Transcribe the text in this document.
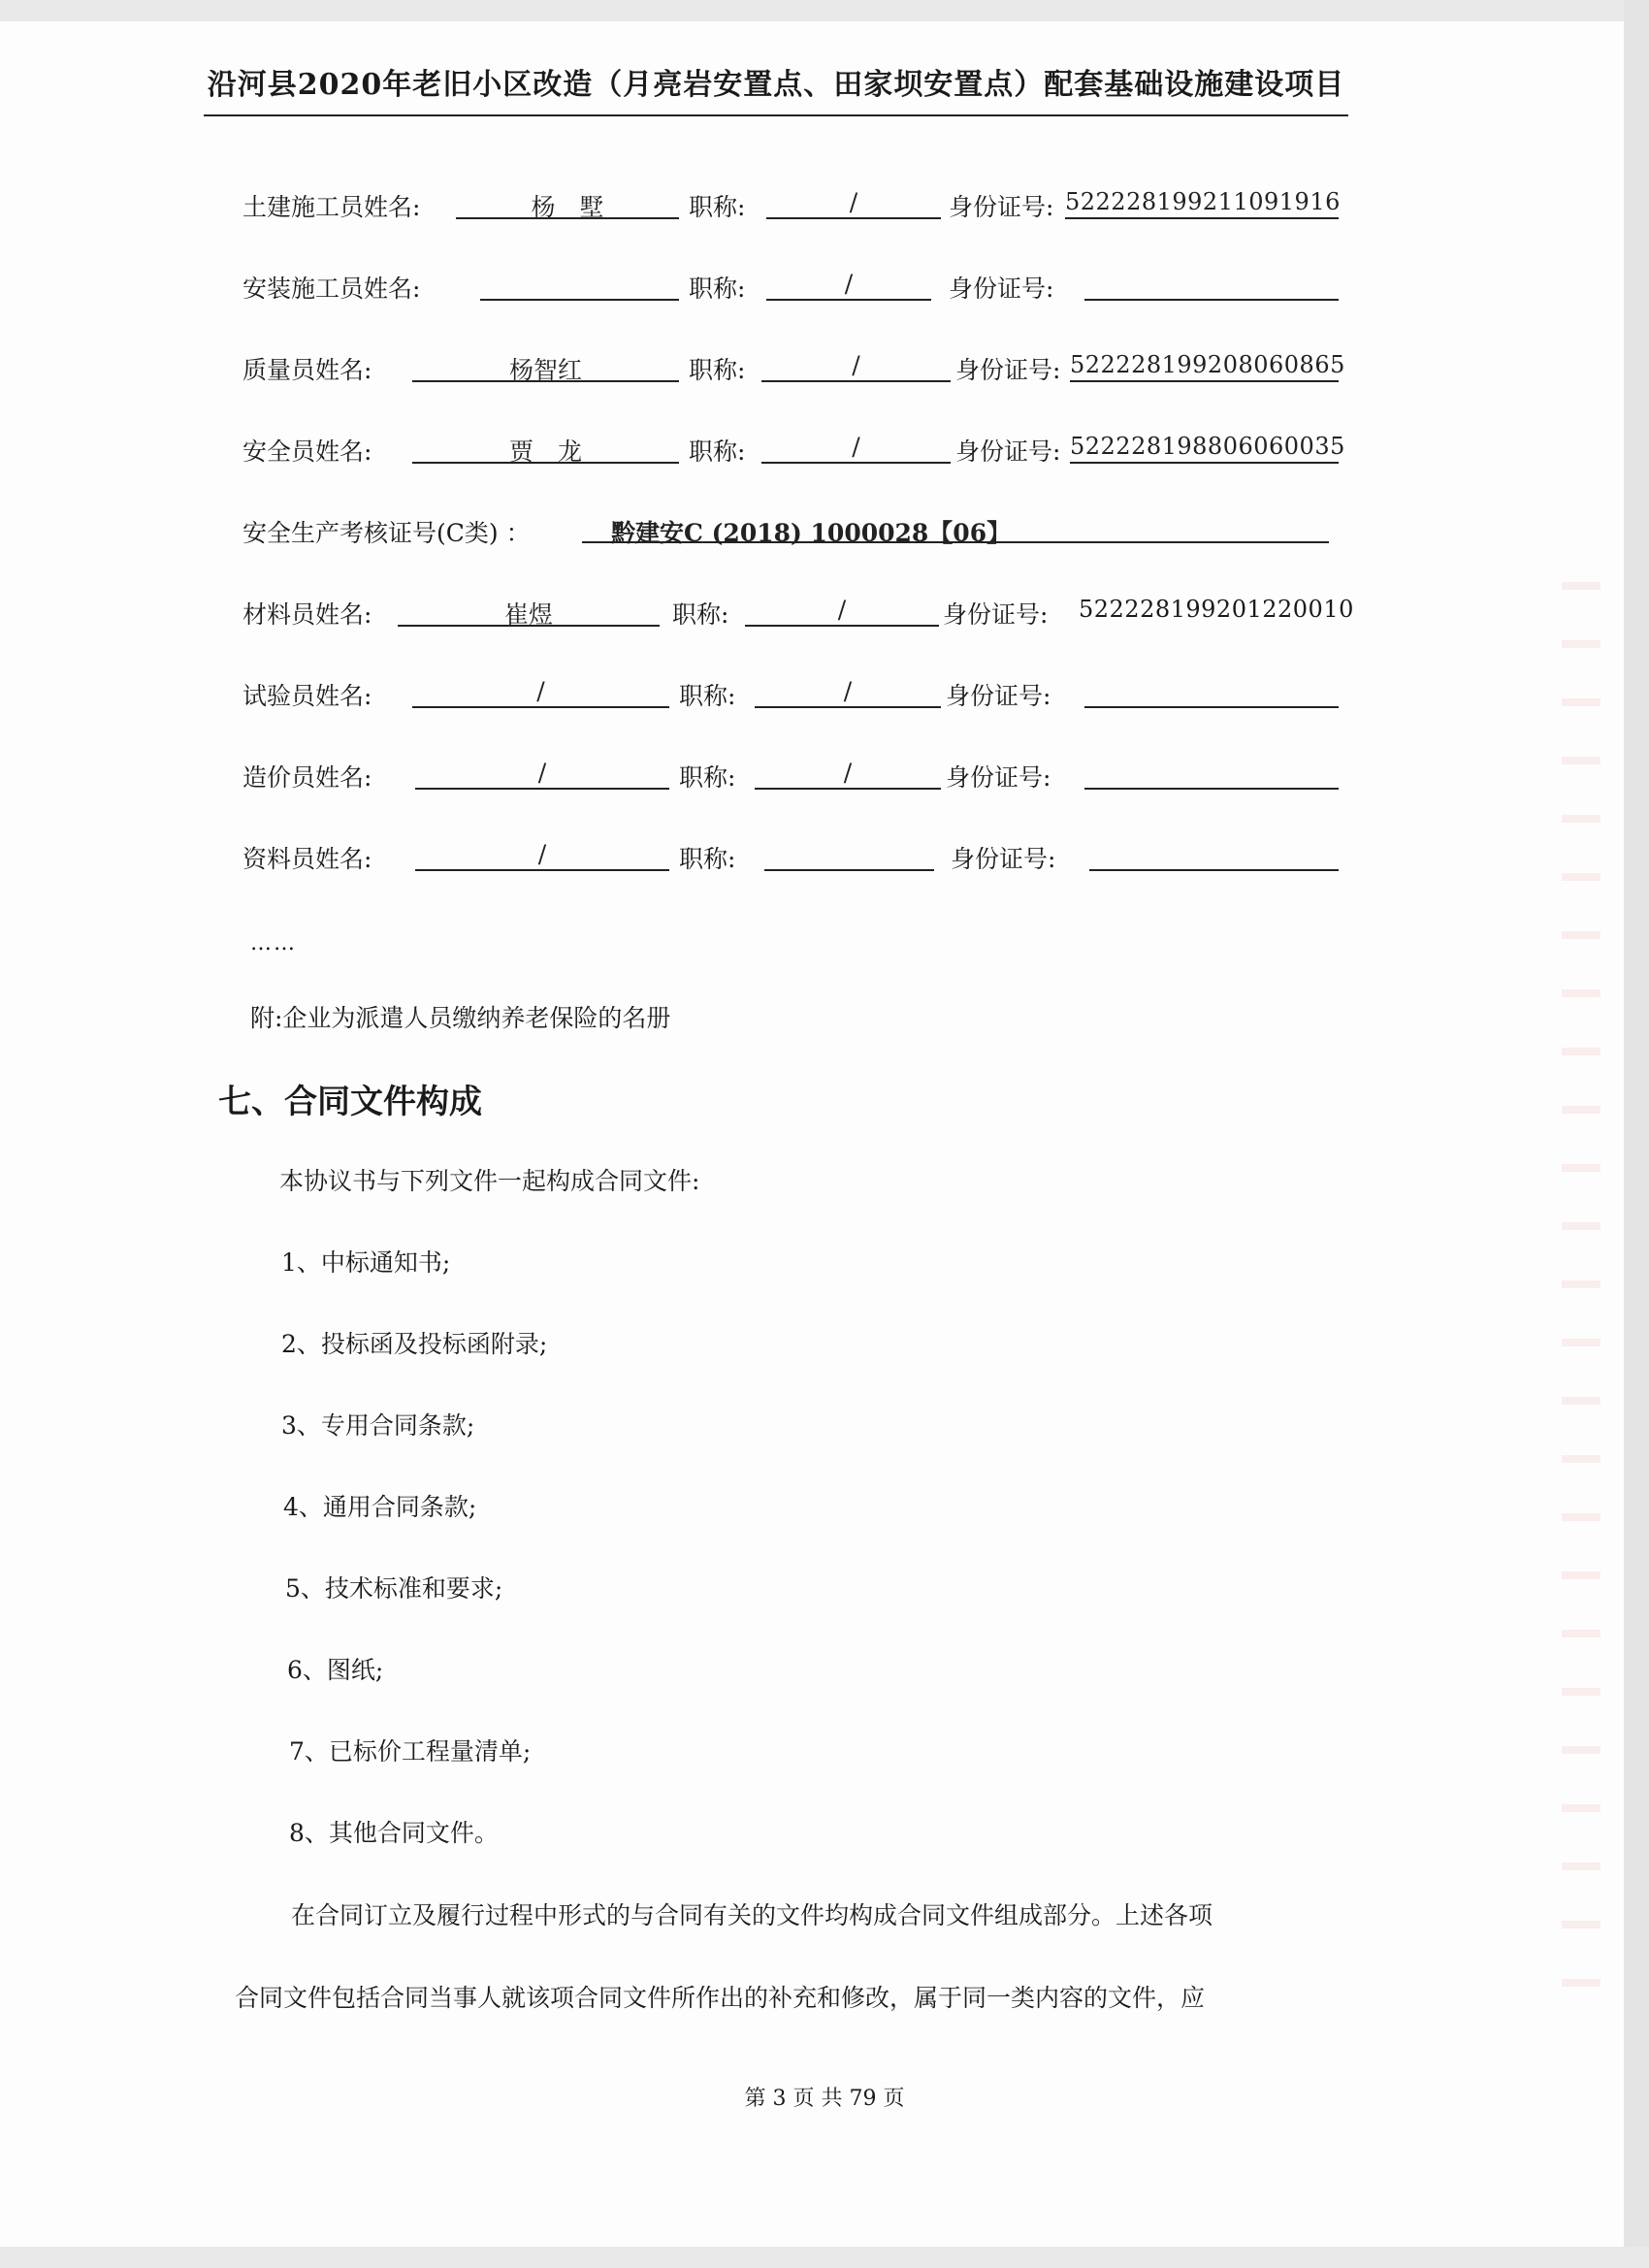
沿河县2020年老旧小区改造（月亮岩安置点、田家坝安置点）配套基础设施建设项目
土建施工员姓名:	杨　墅	职称:	/	身份证号: 522228199211091916
安装施工员姓名:	职称:	/	身份证号:
质量员姓名:	杨智红	职称:	/	身份证号: 522228199208060865
安全员姓名:	贾　龙	职称:	/	身份证号: 522228198806060035
安全生产考核证号(C类) ：	黔建安C (2018) 1000028【06】
材料员姓名:	崔煜	职称:	/	身份证号: 522228199201220010
试验员姓名:	/	职称:	/	身份证号:
造价员姓名:	/	职称:	/	身份证号:
资料员姓名:	/	职称:	身份证号:
……
附:企业为派遣人员缴纳养老保险的名册
七、合同文件构成
本协议书与下列文件一起构成合同文件:
1、中标通知书;
2、投标函及投标函附录;
3、专用合同条款;
4、通用合同条款;
5、技术标准和要求;
6、图纸;
7、已标价工程量清单;
8、其他合同文件。
在合同订立及履行过程中形式的与合同有关的文件均构成合同文件组成部分。上述各项
合同文件包括合同当事人就该项合同文件所作出的补充和修改，属于同一类内容的文件，应
第 3 页 共 79 页
